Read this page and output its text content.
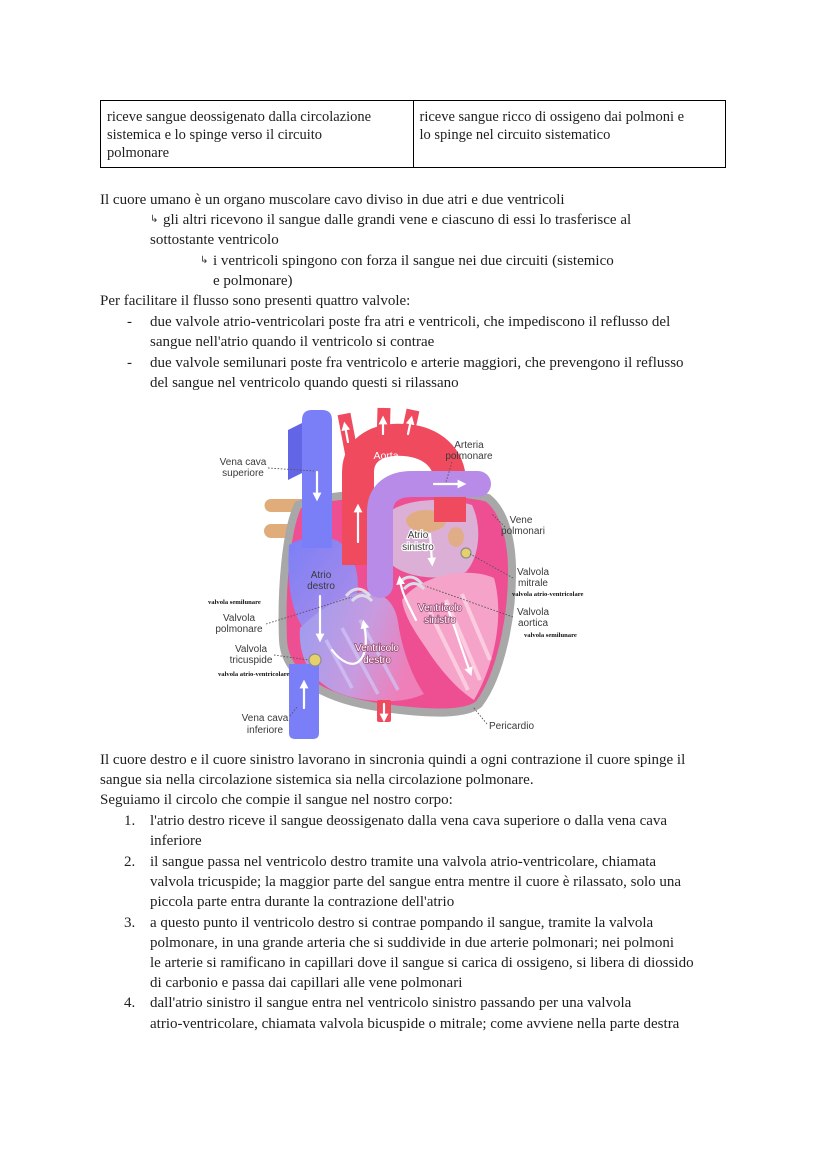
riceve sangue deossigenato dalla circolazione
sistemica e lo spinge verso il circuito
polmonare

riceve sangue ricco di ossigeno dai polmoni e
lo spinge nel circuito sistematico
Il cuore umano è un organo muscolare cavo diviso in due atri e due ventricoli
↳ gli altri ricevono il sangue dalle grandi vene e ciascuno di essi lo trasferisce al
sottostante ventricolo
↳ i ventricoli spingono con forza il sangue nei due circuiti (sistemico
e polmonare)
Per facilitare il flusso sono presenti quattro valvole:
- due valvole atrio-ventricolari poste fra atri e ventricoli, che impediscono il reflusso del
sangue nell'atrio quando il ventricolo si contrae
- due valvole semilunari poste fra ventricolo e arterie maggiori, che prevengono il reflusso
del sangue nel ventricolo quando questi si rilassano
Vena cava
superiore
Aorta
Arteria
polmonare
Vene
polmonari
Atrio
sinistro
Atrio
destro
Valvola
mitrale
valvola atrio-ventricolare
valvola semilunare
Valvola
polmonare
Ventricolo
sinistro
Valvola
aortica
valvola semilunare
Valvola
tricuspide
valvola atrio-ventricolare
Ventricolo
destro
Vena cava
inferiore	Pericardio
Il cuore destro e il cuore sinistro lavorano in sincronia quindi a ogni contrazione il cuore spinge il
sangue sia nella circolazione sistemica sia nella circolazione polmonare.
Seguiamo il circolo che compie il sangue nel nostro corpo:
1. l'atrio destro riceve il sangue deossigenato dalla vena cava superiore o dalla vena cava
inferiore
2. il sangue passa nel ventricolo destro tramite una valvola atrio-ventricolare, chiamata
valvola tricuspide; la maggior parte del sangue entra mentre il cuore è rilassato, solo una
piccola parte entra durante la contrazione dell'atrio
3. a questo punto il ventricolo destro si contrae pompando il sangue, tramite la valvola
polmonare, in una grande arteria che si suddivide in due arterie polmonari; nei polmoni
le arterie si ramificano in capillari dove il sangue si carica di ossigeno, si libera di diossido
di carbonio e passa dai capillari alle vene polmonari
4. dall'atrio sinistro il sangue entra nel ventricolo sinistro passando per una valvola
atrio-ventricolare, chiamata valvola bicuspide o mitrale; come avviene nella parte destra
